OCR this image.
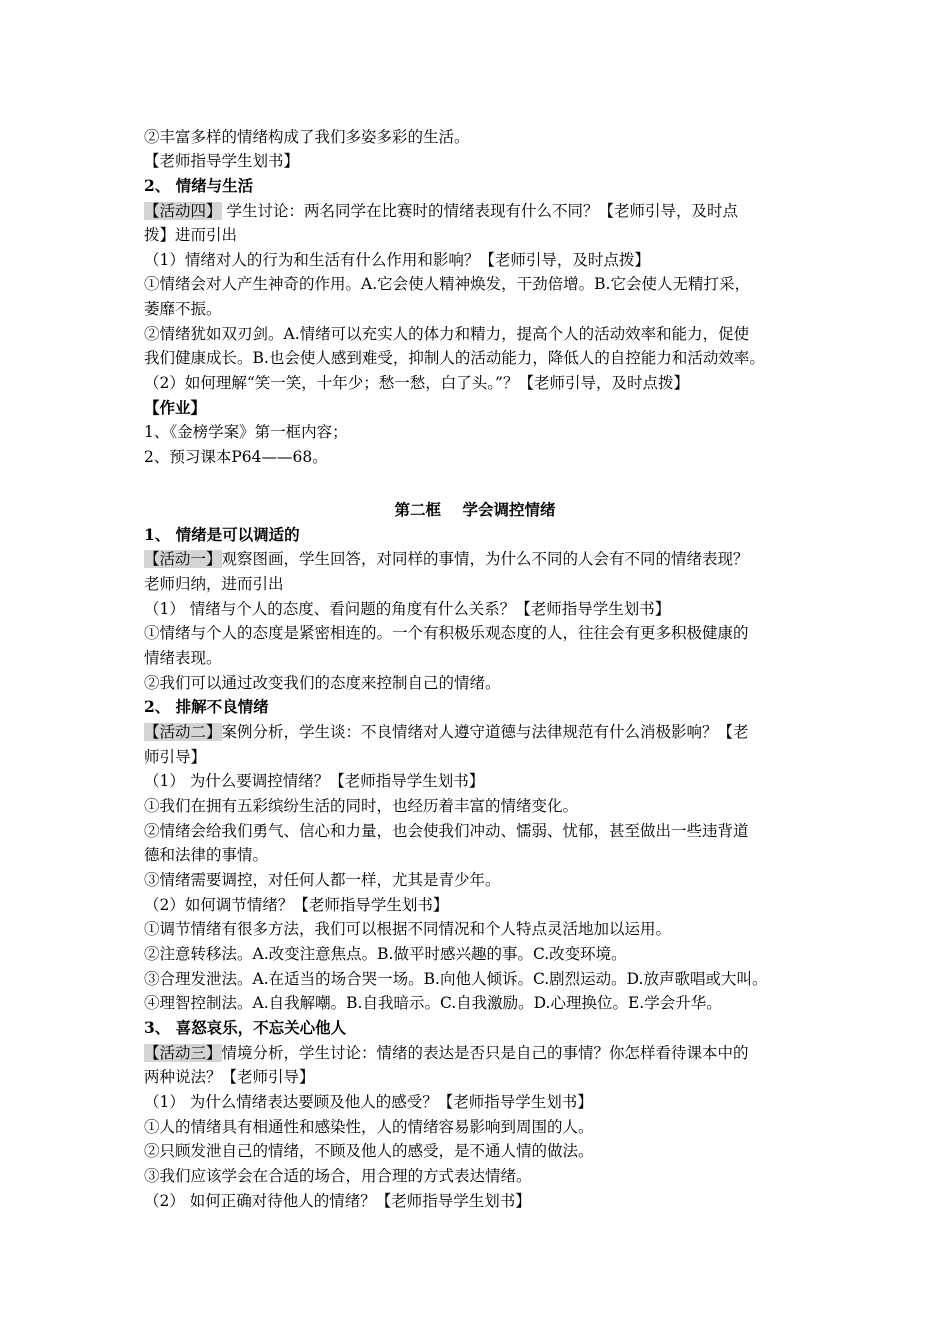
②丰富多样的情绪构成了我们多姿多彩的生活。
【老师指导学生划书】
2、 情绪与生活
【活动四】 学生讨论：两名同学在比赛时的情绪表现有什么不同？【老师引导，及时点
拨】进而引出
（1）情绪对人的行为和生活有什么作用和影响？【老师引导，及时点拨】
①情绪会对人产生神奇的作用。A.它会使人精神焕发，干劲倍增。B.它会使人无精打采，
萎靡不振。
②情绪犹如双刃剑。A.情绪可以充实人的体力和精力，提高个人的活动效率和能力，促使
我们健康成长。B.也会使人感到难受，抑制人的活动能力，降低人的自控能力和活动效率。
（2）如何理解“笑一笑，十年少；愁一愁，白了头。”？【老师引导，及时点拨】
【作业】
1、《金榜学案》第一框内容；
2、预习课本P64——68。
第二框    学会调控情绪
1、 情绪是可以调适的
【活动一】观察图画，学生回答，对同样的事情，为什么不同的人会有不同的情绪表现？
老师归纳，进而引出
（1） 情绪与个人的态度、看问题的角度有什么关系？【老师指导学生划书】
①情绪与个人的态度是紧密相连的。一个有积极乐观态度的人，往往会有更多积极健康的
情绪表现。
②我们可以通过改变我们的态度来控制自己的情绪。
2、 排解不良情绪
【活动二】案例分析，学生谈：不良情绪对人遵守道德与法律规范有什么消极影响？【老
师引导】
（1） 为什么要调控情绪？【老师指导学生划书】
①我们在拥有五彩缤纷生活的同时，也经历着丰富的情绪变化。
②情绪会给我们勇气、信心和力量，也会使我们冲动、懦弱、忧郁，甚至做出一些违背道
德和法律的事情。
③情绪需要调控，对任何人都一样，尤其是青少年。
（2）如何调节情绪？【老师指导学生划书】
①调节情绪有很多方法，我们可以根据不同情况和个人特点灵活地加以运用。
②注意转移法。A.改变注意焦点。B.做平时感兴趣的事。C.改变环境。
③合理发泄法。A.在适当的场合哭一场。B.向他人倾诉。C.剧烈运动。D.放声歌唱或大叫。
④理智控制法。A.自我解嘲。B.自我暗示。C.自我激励。D.心理换位。E.学会升华。
3、 喜怒哀乐，不忘关心他人
【活动三】情境分析，学生讨论：情绪的表达是否只是自己的事情？你怎样看待课本中的
两种说法？【老师引导】
（1） 为什么情绪表达要顾及他人的感受？【老师指导学生划书】
①人的情绪具有相通性和感染性，人的情绪容易影响到周围的人。
②只顾发泄自己的情绪，不顾及他人的感受，是不通人情的做法。
③我们应该学会在合适的场合，用合理的方式表达情绪。
（2） 如何正确对待他人的情绪？【老师指导学生划书】
